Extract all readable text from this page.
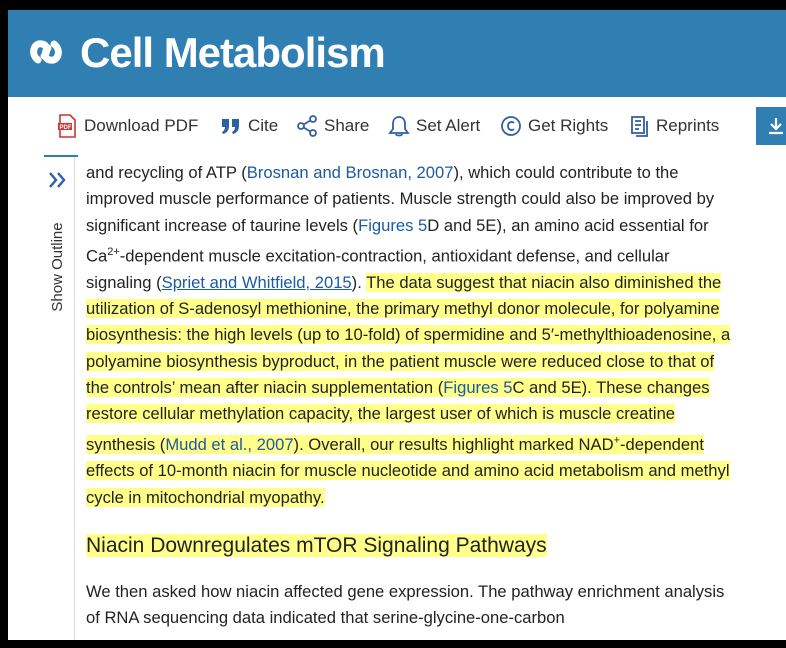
Cell Metabolism
PDF Download PDF	Cite	Share	Set Alert	Get Rights	Reprints
Show Outline

and recycling of ATP (Brosnan and Brosnan, 2007), which could contribute to the improved muscle performance of patients. Muscle strength could also be improved by significant increase of taurine levels (Figures 5D and 5E), an amino acid essential for $Ca^{2+}$-dependent muscle excitation-contraction, antioxidant defense, and cellular signaling (Spriet and Whitfield, 2015). The data suggest that niacin also diminished the utilization of S-adenosyl methionine, the primary methyl donor molecule, for polyamine biosynthesis: the high levels (up to 10-fold) of spermidine and 5′-methylthioadenosine, a polyamine biosynthesis byproduct, in the patient muscle were reduced close to that of the controls’ mean after niacin supplementation (Figures 5C and 5E). These changes restore cellular methylation capacity, the largest user of which is muscle creatine synthesis (Mudd et al., 2007). Overall, our results highlight marked NAD+-dependent effects of 10-month niacin for muscle nucleotide and amino acid metabolism and methyl cycle in mitochondrial myopathy.

Niacin Downregulates mTOR Signaling Pathways

We then asked how niacin affected gene expression. The pathway enrichment analysis of RNA sequencing data indicated that serine-glycine-one-carbon
